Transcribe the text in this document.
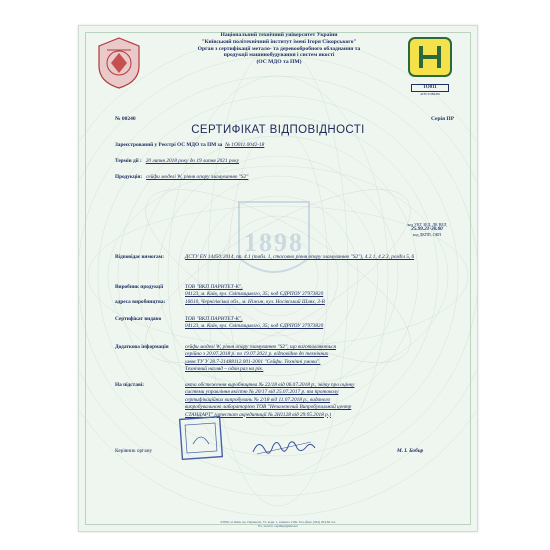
Національний технічний університет України
"Київський політехнічний інститут імені Ігоря Сікорського"
Орган з сертифікації метало- та деревообробного обладнання та
продукції машинобудування і систем якості
(ОС МДО та ПМ)
1О011
АТЕСТОВАНО
№ 00240	Серія ПР
СЕРТИФІКАТ ВІДПОВІДНОСТІ
Зареєстрований у Реєстрі ОС МДО та ПМ за № 1О011.0042-18
Термін дії : 20 липня 2018 року до 19 липня 2021 року
Продукція: сейфи моделі W, рівня опору зламуванню "S2"
1898
код УКТ ЗЕД, ДК ВЕД
25.99.21-30.00
код ДКПП, ОКП
Відповідає вимогам:	ДСТУ EN 14450:2014, пп. 4.1 (табл. 1, стосовно рівня опору зламуванню "S2"), 4.2.1, 4.2.3, розділ 5, 6
Виробник продукції	ТОВ "ВКП ПАРИТЕТ-К",
04123, м. Київ, вул. Світлицького, 35; код ЄДРПОУ 37973820
адреса виробництва:	16610, Чернігівська обл., м. Ніжин, вул. Носівський Шлях, 3-В
Сертифікат видано	ТОВ "ВКП ПАРИТЕТ-К",
04123, м. Київ, вул. Світлицького, 35; код ЄДРПОУ 37973820
Додаткова інформація	сейфи моделі W, рівня опору зламуванню "S2", що виготовляються
серійно з 20.07.2018 р. по 19.07.2021 р. відповідно до технічних
умов ТУ У 28.7-21488112.001-2001 "Сейфи. Технічні умови".
Технічний нагляд – один раз на рік.
На підставі:	акта обстеження виробництва № 22/18 від 06.07.2018 р., звіту про оцінку
системи управління якістю № 20/17 від 25.07.2017 р. та протоколу
сертифікаційних випробувань № 2/18 від 11.07.2018 р., виданого
випробувальною лабораторією ТОВ "Незалежний Випробувальний центр
СТАНДАРТ" (атестат акредитації № 2Н1128 від 29.05.2018 р.)
Керівник органу	М. І. Бобир
03056, м. Київ, пр. Перемоги, 37, корп. 1, кімната 218а. Тел./факс (044) 204-82-54.
Ел. пошта: ospmkpi@ukr.net
